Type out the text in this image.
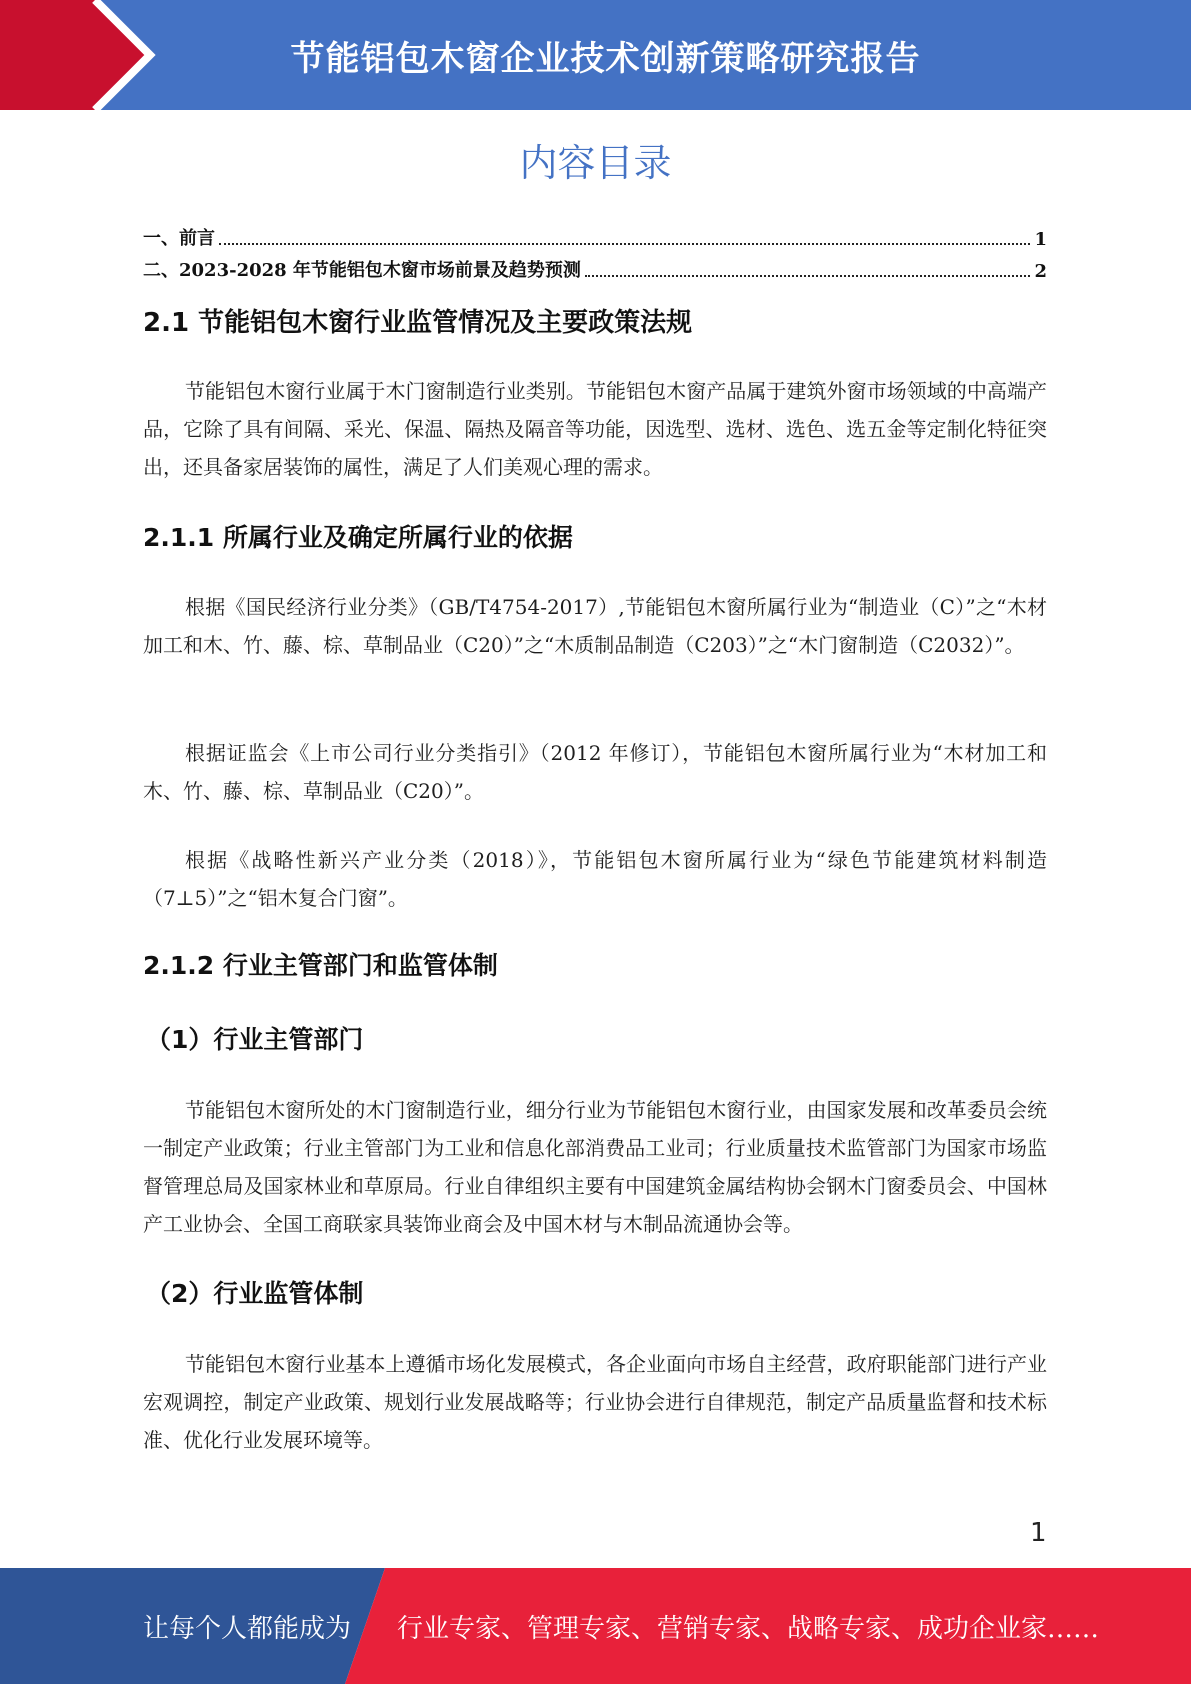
节能铝包木窗企业技术创新策略研究报告
内容目录
一、前言	1
二、2023-2028 年节能铝包木窗市场前景及趋势预测	2
2.1 节能铝包木窗行业监管情况及主要政策法规

节能铝包木窗行业属于木门窗制造行业类别。节能铝包木窗产品属于建筑外窗市场领域的中高端产品，它除了具有间隔、采光、保温、隔热及隔音等功能，因选型、选材、选色、选五金等定制化特征突出，还具备家居装饰的属性，满足了人们美观心理的需求。

2.1.1 所属行业及确定所属行业的依据

根据《国民经济行业分类》（GB/T4754-2017）,节能铝包木窗所属行业为“制造业（C）”之“木材加工和木、竹、藤、棕、草制品业（C20）”之“木质制品制造（C203）”之“木门窗制造（C2032）”。

根据证监会《上市公司行业分类指引》（2012 年修订），节能铝包木窗所属行业为“木材加工和木、竹、藤、棕、草制品业（C20）”。

根据《战略性新兴产业分类（2018）》，节能铝包木窗所属行业为“绿色节能建筑材料制造（7⊥5）”之“铝木复合门窗”。

2.1.2 行业主管部门和监管体制
（1）行业主管部门

节能铝包木窗所处的木门窗制造行业，细分行业为节能铝包木窗行业，由国家发展和改革委员会统一制定产业政策；行业主管部门为工业和信息化部消费品工业司；行业质量技术监管部门为国家市场监督管理总局及国家林业和草原局。行业自律组织主要有中国建筑金属结构协会钢木门窗委员会、中国林产工业协会、全国工商联家具装饰业商会及中国木材与木制品流通协会等。

（2）行业监管体制

节能铝包木窗行业基本上遵循市场化发展模式，各企业面向市场自主经营，政府职能部门进行产业宏观调控，制定产业政策、规划行业发展战略等；行业协会进行自律规范，制定产品质量监督和技术标准、优化行业发展环境等。

1
让每个人都能成为 行业专家、管理专家、营销专家、战略专家、成功企业家……
